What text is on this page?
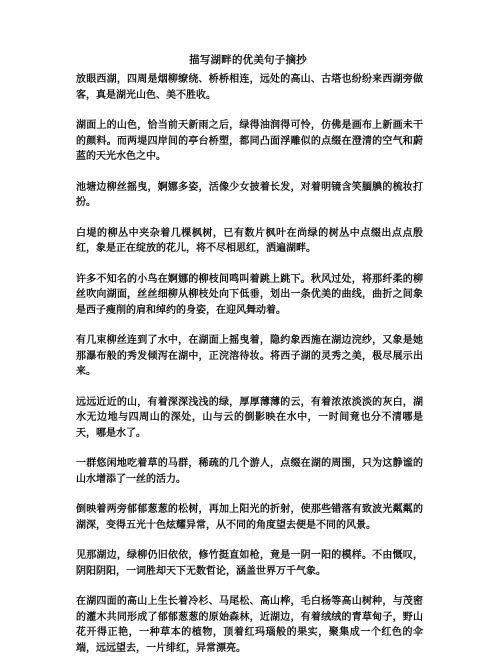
描写湖畔的优美句子摘抄

放眼西湖，四周是烟柳缭绕、桥桥相连，远处的高山、古塔也纷纷来西湖旁做客，真是湖光山色、美不胜收。

湖面上的山色，恰当前天新雨之后，绿得油润得可怜，仿佛是画布上新画未干的颜料。而两堤四岸间的亭台桥塑，都同凸面浮雕似的点缀在澄清的空气和蔚蓝的天光水色之中。

池塘边柳丝摇曳，婀娜多姿，活像少女披着长发，对着明镜含笑腼腆的梳妆打扮。

白堤的柳丛中夹杂着几棵枫树，已有数片枫叶在尚绿的树丛中点缀出点点殷红，象是正在绽放的花儿，将不尽相思红，洒遍湖畔。

许多不知名的小鸟在婀娜的柳枝间鸣叫着跳上跳下。秋风过处，将那纤柔的柳丝吹向湖面，丝丝细柳从柳枝处向下低垂，划出一条优美的曲线，曲折之间象是西子瘦削的肩和绰约的身姿，在迎风舞动着。

有几束柳丝连到了水中，在湖面上摇曳着，隐约象西施在湖边浣纱，又象是她那瀑布般的秀发倾泻在湖中，正浣溶待妆。将西子湖的灵秀之美，极尽展示出来。

远远近近的山，有着深深浅浅的绿，厚厚薄薄的云，有着浓浓淡淡的灰白，湖水无边地与四周山的深处，山与云的倒影映在水中，一时间竟也分不清哪是天，哪是水了。

一群悠闲地吃着草的马群，稀疏的几个游人，点缀在湖的周围，只为这静谧的山水增添了一丝的活力。

倒映着两旁郁郁葱葱的松树，再加上阳光的折射，使那些错落有致波光粼粼的湖深，变得五光十色炫耀异常，从不同的角度望去便是不同的风景。

见那湖边，绿柳仍旧依依，修竹挺直如枪，竟是一阴一阳的模样。不由慨叹，阴阳阴阳，一词胜却天下无数哲论，涵盖世界万千气象。

在湖四面的高山上生长着冷杉、马尾松、高山桦，毛白杨等高山树种，与茂密的灌木共同形成了郁郁葱葱的原始森林，近湖边，有着绒绒的青草甸子，野山花开得正艳，一种草本的植物，顶着红玛瑙般的果实，聚集成一个红色的伞端，远远望去，一片绯红，异常漂亮。
